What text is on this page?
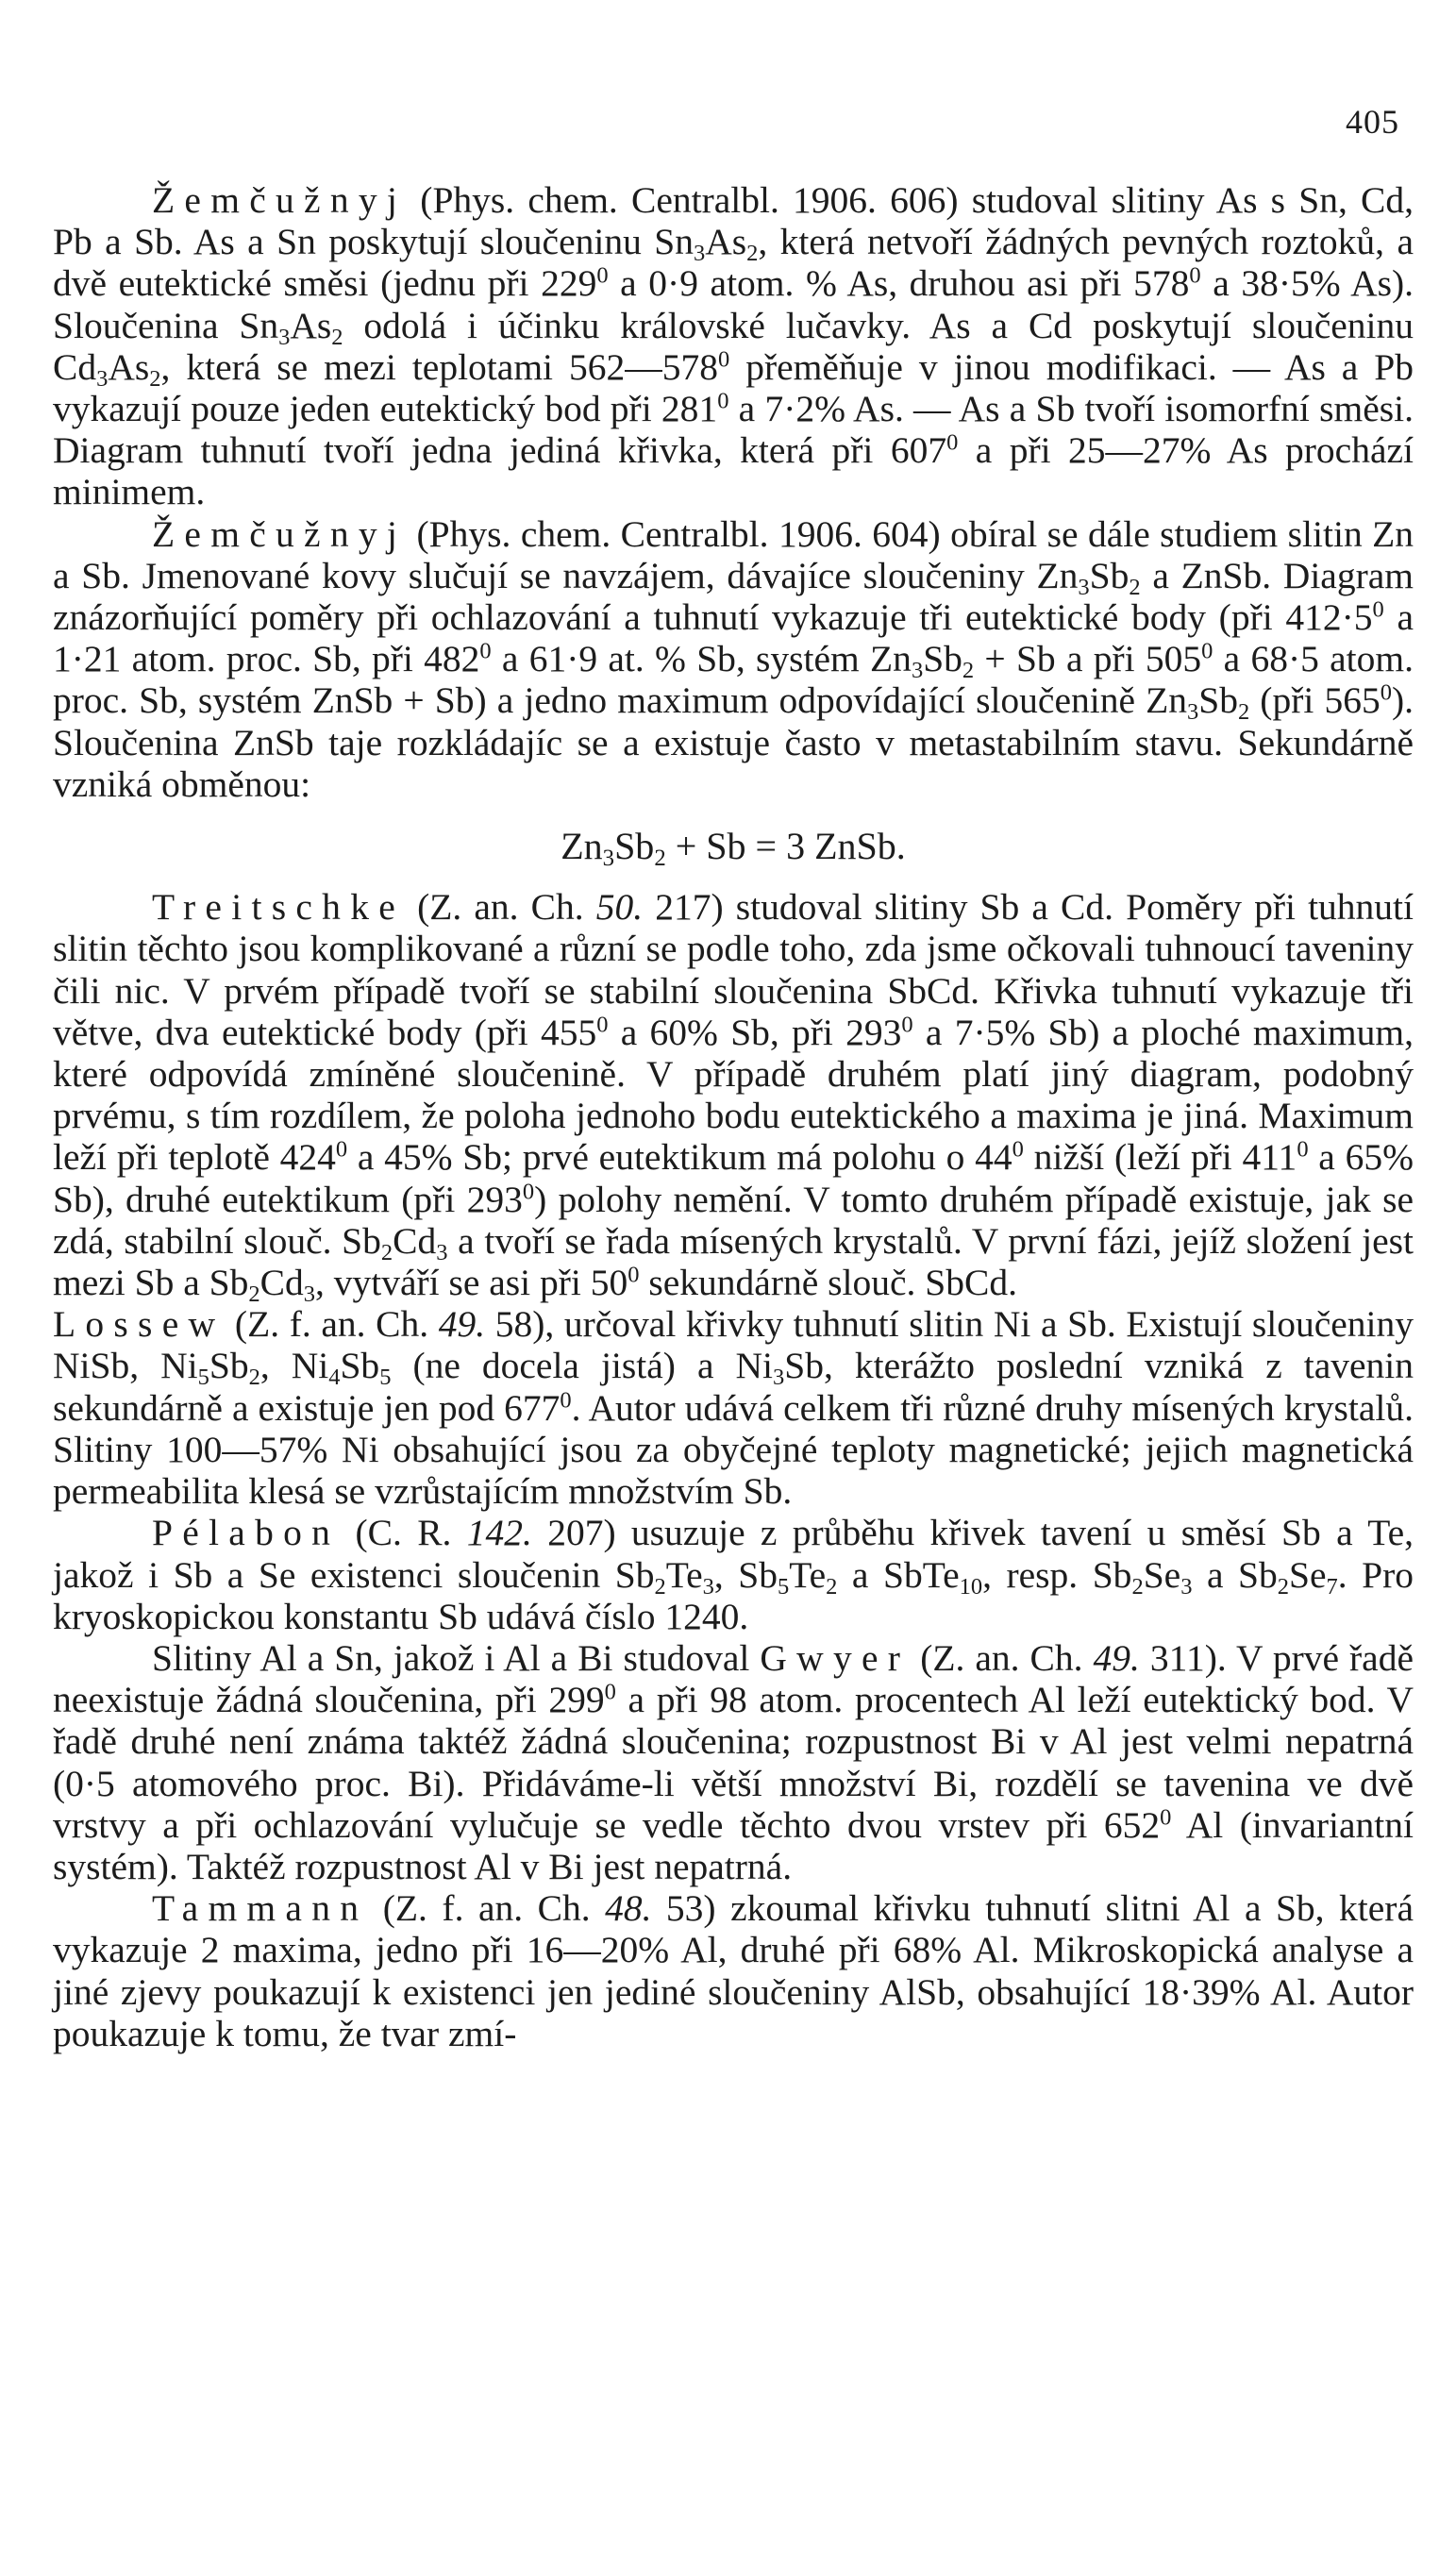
405

Žemčužnyj (Phys. chem. Centralbl. 1906. 606) studoval slitiny As s Sn, Cd, Pb a Sb. As a Sn poskytují sloučeninu $Sn_3As_2$, která netvoří žádných pevných roztoků, a dvě eutektické směsi (jednu při $229^0$ a 0·9 atom. % As, druhou asi při $578^0$ a 38·5% As). Sloučenina $Sn_3As_2$ odolá i účinku královské lučavky. As a Cd poskytují sloučeninu $Cd_3As_2$, která se mezi teplotami $562—578^0$ přeměňuje v jinou modifikaci. — As a Pb vykazují pouze jeden eutektický bod při $281^0$ a 7·2% As. — As a Sb tvoří isomorfní směsi. Diagram tuhnutí tvoří jedna jediná křivka, která při $607^0$ a při 25—27% As prochází minimem.

Žemčužnyj (Phys. chem. Centralbl. 1906. 604) obíral se dále studiem slitin Zn a Sb. Jmenované kovy slučují se navzájem, dávajíce sloučeniny $Zn_3Sb_2$ a ZnSb. Diagram znázorňující poměry při ochlazování a tuhnutí vykazuje tři eutektické body (při $412\cdot 5^0$ a 1·21 atom. proc. Sb, při $482^0$ a 61·9 at. % Sb, systém $Zn_3Sb_2 + Sb$ a při $505^0$ a 68·5 atom. proc. Sb, systém ZnSb + Sb) a jedno maximum odpovídající sloučenině $Zn_3Sb_2$ (při $565^0$). Sloučenina ZnSb taje rozkládajíc se a existuje často v metastabilním stavu. Sekundárně vzniká obměnou:

$Zn_3Sb_2 + Sb = 3$ ZnSb.

Treitschke (Z. an. Ch. 50. 217) studoval slitiny Sb a Cd. Poměry při tuhnutí slitin těchto jsou komplikované a různí se podle toho, zda jsme očkovali tuhnoucí taveniny čili nic. V prvém případě tvoří se stabilní sloučenina SbCd. Křivka tuhnutí vykazuje tři větve, dva eutektické body (při $455^0$ a 60% Sb, při $293^0$ a 7·5% Sb) a ploché maximum, které odpovídá zmíněné sloučenině. V případě druhém platí jiný diagram, podobný prvému, s tím rozdílem, že poloha jednoho bodu eutektického a maxima je jiná. Maximum leží při teplotě $424^0$ a 45% Sb; prvé eutektikum má polohu o $44^0$ nižší (leží při $411^0$ a 65% Sb), druhé eutektikum (při $293^0$) polohy nemění. V tomto druhém případě existuje, jak se zdá, stabilní slouč. $Sb_2Cd_3$ a tvoří se řada mísených krystalů. V první fázi, jejíž složení jest mezi Sb a $Sb_2Cd_3$, vytváří se asi při $50^0$ sekundárně slouč. SbCd.

Lossew (Z. f. an. Ch. 49. 58), určoval křivky tuhnutí slitin Ni a Sb. Existují sloučeniny NiSb, $Ni_5Sb_2$, $Ni_4Sb_5$ (ne docela jistá) a $Ni_3Sb$, kterážto poslední vzniká z tavenin sekundárně a existuje jen pod $677^0$. Autor udává celkem tři různé druhy mísených krystalů. Slitiny 100—57% Ni obsahující jsou za obyčejné teploty magnetické; jejich magnetická permeabilita klesá se vzrůstajícím množstvím Sb.

Pélabon (C. R. 142. 207) usuzuje z průběhu křivek tavení u směsí Sb a Te, jakož i Sb a Se existenci sloučenin $Sb_2Te_3$, $Sb_5Te_2$ a SbTe$_{10}$, resp. $Sb_2Se_3$ a $Sb_2Se_7$. Pro kryoskopickou konstantu Sb udává číslo 1240.

Slitiny Al a Sn, jakož i Al a Bi studoval Gwyer (Z. an. Ch. 49. 311). V prvé řadě neexistuje žádná sloučenina, při $299^0$ a při 98 atom. procentech Al leží eutektický bod. V řadě druhé není známa taktéž žádná sloučenina; rozpustnost Bi v Al jest velmi nepatrná (0·5 atomového proc. Bi). Přidáváme-li větší množství Bi, rozdělí se tavenina ve dvě vrstvy a při ochlazování vylučuje se vedle těchto dvou vrstev při $652^0$ Al (invariantní systém). Taktéž rozpustnost Al v Bi jest nepatrná.

Tammann (Z. f. an. Ch. 48. 53) zkoumal křivku tuhnutí slitni Al a Sb, která vykazuje 2 maxima, jedno při 16—20% Al, druhé při 68% Al. Mikroskopická analyse a jiné zjevy poukazují k existenci jen jediné sloučeniny AlSb, obsahující 18·39% Al. Autor poukazuje k tomu, že tvar zmí-
